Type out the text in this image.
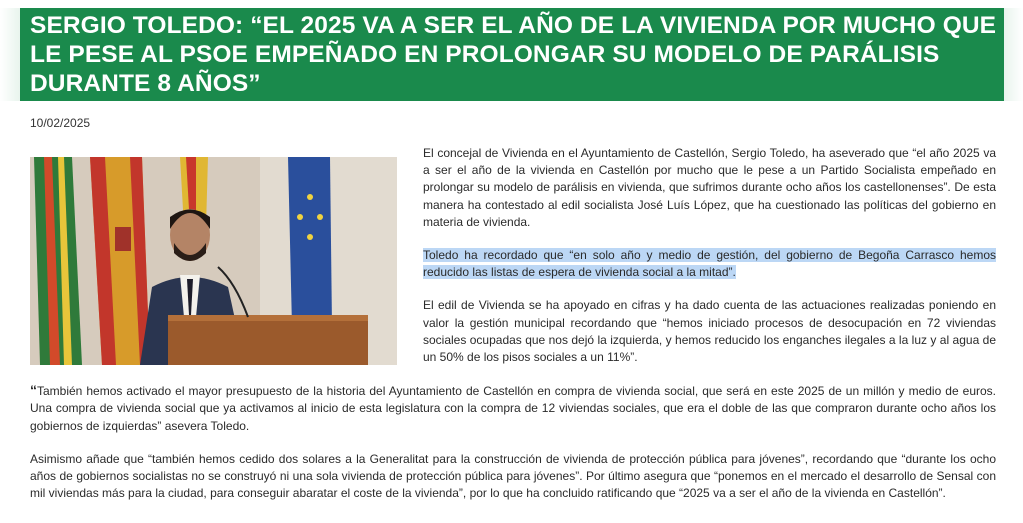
SERGIO TOLEDO: “EL 2025 VA A SER EL AÑO DE LA VIVIENDA POR MUCHO QUE LE PESE AL PSOE EMPEÑADO EN PROLONGAR SU MODELO DE PARÁLISIS DURANTE 8 AÑOS”
10/02/2025

El concejal de Vivienda en el Ayuntamiento de Castellón, Sergio Toledo, ha aseverado que “el año 2025 va a ser el año de la vivienda en Castellón por mucho que le pese a un Partido Socialista empeñado en prolongar su modelo de parálisis en vivienda, que sufrimos durante ocho años los castellonenses”. De esta manera ha contestado al edil socialista José Luís López, que ha cuestionado las políticas del gobierno en materia de vivienda.

Toledo ha recordado que “en solo año y medio de gestión, del gobierno de Begoña Carrasco hemos reducido las listas de espera de vivienda social a la mitad”.

El edil de Vivienda se ha apoyado en cifras y ha dado cuenta de las actuaciones realizadas poniendo en valor la gestión municipal recordando que “hemos iniciado procesos de desocupación en 72 viviendas sociales ocupadas que nos dejó la izquierda, y hemos reducido los enganches ilegales a la luz y al agua de un 50% de los pisos sociales a un 11%”.

“También hemos activado el mayor presupuesto de la historia del Ayuntamiento de Castellón en compra de vivienda social, que será en este 2025 de un millón y medio de euros. Una compra de vivienda social que ya activamos al inicio de esta legislatura con la compra de 12 viviendas sociales, que era el doble de las que compraron durante ocho años los gobiernos de izquierdas” asevera Toledo.

Asimismo añade que “también hemos cedido dos solares a la Generalitat para la construcción de vivienda de protección pública para jóvenes”, recordando que “durante los ocho años de gobiernos socialistas no se construyó ni una sola vivienda de protección pública para jóvenes”. Por último asegura que “ponemos en el mercado el desarrollo de Sensal con mil viviendas más para la ciudad, para conseguir abaratar el coste de la vivienda”, por lo que ha concluido ratificando que “2025 va a ser el año de la vivienda en Castellón”.
